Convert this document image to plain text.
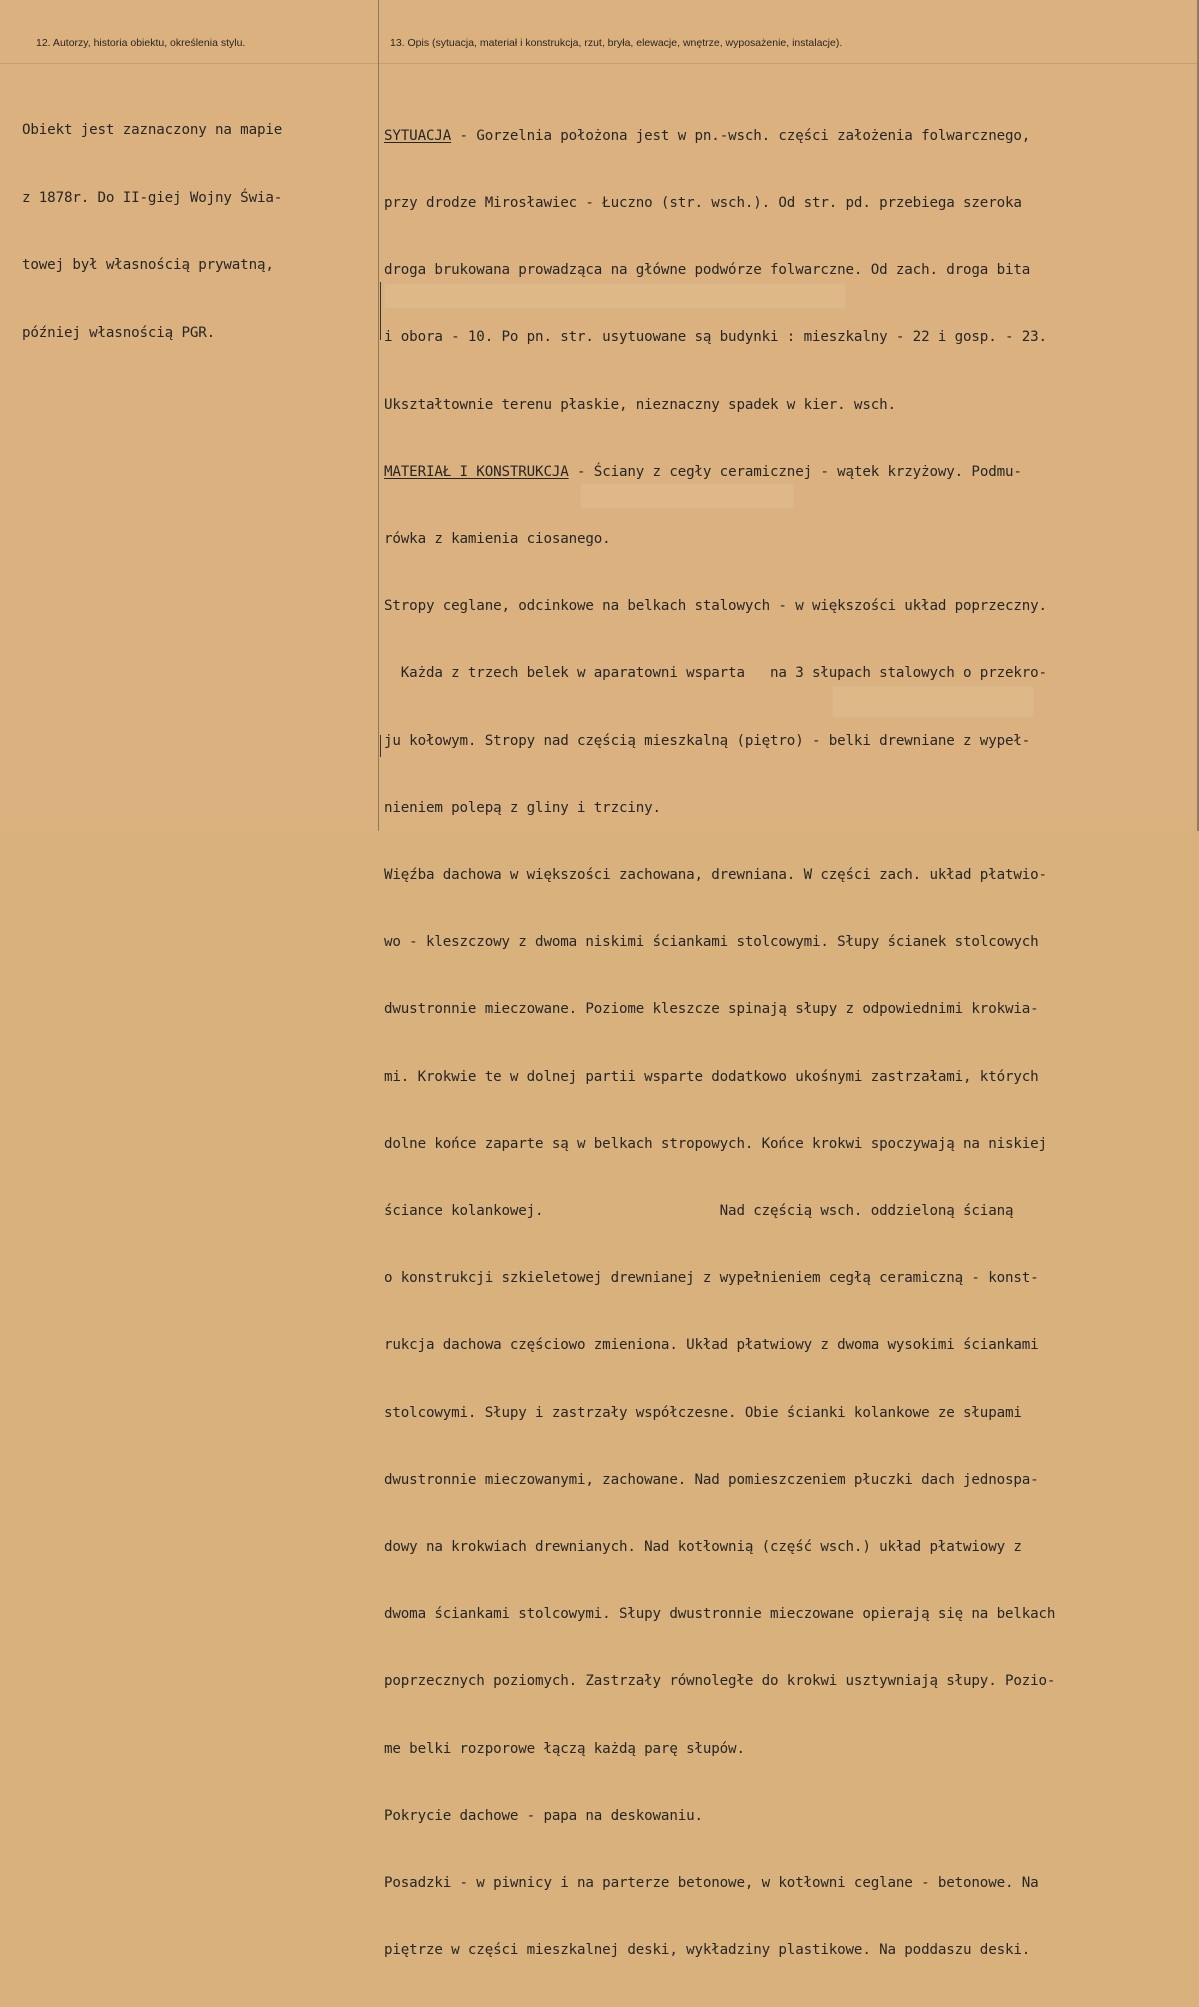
12. Autorzy, historia obiektu, określenia stylu.	13. Opis (sytuacja, materiał i konstrukcja, rzut, bryła, elewacje, wnętrze, wyposażenie, instalacje).

Obiekt jest zaznaczony na mapie

z 1878r. Do II-giej Wojny Świa-

towej był własnością prywatną,

później własnością PGR.

SYTUACJA - Gorzelnia położona jest w pn.-wsch. części założenia folwarcznego,

przy drodze Mirosławiec - Łuczno (str. wsch.). Od str. pd. przebiega szeroka

droga brukowana prowadząca na główne podwórze folwarczne. Od zach. droga bita

i obora - 10. Po pn. str. usytuowane są budynki : mieszkalny - 22 i gosp. - 23.

Ukształtownie terenu płaskie, nieznaczny spadek w kier. wsch.

MATERIAŁ I KONSTRUKCJA - Ściany z cegły ceramicznej - wątek krzyżowy. Podmu-

rówka z kamienia ciosanego.

Stropy ceglane, odcinkowe na belkach stalowych - w większości układ poprzeczny.

Każda z trzech belek w aparatowni wsparta   na 3 słupach stalowych o przekro-

ju kołowym. Stropy nad częścią mieszkalną (piętro) - belki drewniane z wypeł-

nieniem polepą z gliny i trzciny.

Więźba dachowa w większości zachowana, drewniana. W części zach. układ płatwio-

wo - kleszczowy z dwoma niskimi ściankami stolcowymi. Słupy ścianek stolcowych

dwustronnie mieczowane. Poziome kleszcze spinają słupy z odpowiednimi krokwia-

mi. Krokwie te w dolnej partii wsparte dodatkowo ukośnymi zastrzałami, których

dolne końce zaparte są w belkach stropowych. Końce krokwi spoczywają na niskiej

ściance kolankowej.                     Nad częścią wsch. oddzieloną ścianą

o konstrukcji szkieletowej drewnianej z wypełnieniem cegłą ceramiczną - konst-

rukcja dachowa częściowo zmieniona. Układ płatwiowy z dwoma wysokimi ściankami

stolcowymi. Słupy i zastrzały współczesne. Obie ścianki kolankowe ze słupami

dwustronnie mieczowanymi, zachowane. Nad pomieszczeniem płuczki dach jednospa-

dowy na krokwiach drewnianych. Nad kotłownią (część wsch.) układ płatwiowy z

dwoma ściankami stolcowymi. Słupy dwustronnie mieczowane opierają się na belkach

poprzecznych poziomych. Zastrzały równoległe do krokwi usztywniają słupy. Pozio-

me belki rozporowe łączą każdą parę słupów.

Pokrycie dachowe - papa na deskowaniu.

Posadzki - w piwnicy i na parterze betonowe, w kotłowni ceglane - betonowe. Na

piętrze w części mieszkalnej deski, wykładziny plastikowe. Na poddaszu deski.
